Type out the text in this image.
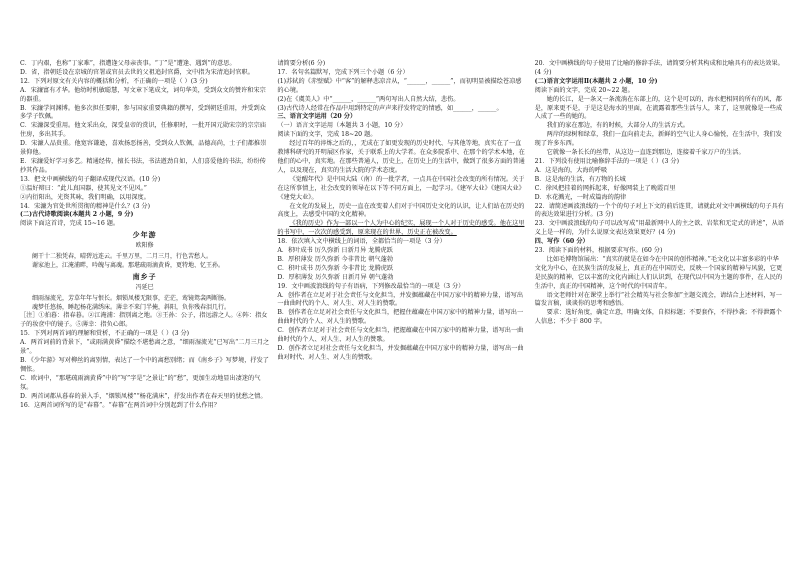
C．丁内艰，也称“丁家难”，指遭逢父母亲丧事。“丁”是“遭逢、遇到”的意思。

D．省，指朝廷设在京城的官署或官员去世的父祖追封官爵，文中指为宋清追封官职。

12．下列对原文有关内容的概括和分析，不正确的一项是（ ）(3 分)

A．宋濂富有才华。他幼时机敏聪慧，写文章下笔成文，词句华美，受到众文的赞许和宋宗的器重。

B．宋濂学问渊博。他多次担任要职，参与国家重要典籍的撰写，受到朝廷重用，并受到众多学子钦佩。

C．宋濂深受重用。他文采出众，深受皇帝的赏识，任修职时，一批开国元勋宋宗的宗宗庙住房，多出其手。

D．宋濂人品贵重。他宽容谦逊，喜欢扬恶扬善，受到众人钦佩，品德高尚，士子们都推崇景仰他。

E．宋濂爱好学习多艺。精通经传，擅长书法，书法遒劲自如，人们喜爱他的书法，纷纷传抄其作品。

13．把文中画横线的句子翻译成现代汉语。(10 分)

①温好辩曰：“此儿真国器，使其见文不见风。”

②内衍阳出，光资其咏，我们明确，以用深度。

14．宋濂为官处世所贯彻的精神是什么？(3 分)

(二)古代诗歌阅读(本题共 2 小题，9 分)

阅读下面这首诗，完成 15~16 题。

少年游
欧阳修

阑干十二独凭春，晴碧远连云。千里万里，二月三月，行色苦愁人。

谢家池上，江淹浦畔，吟魄与离魂。那堪疏雨滴黄昏，更特地、忆王孙。

南乡子
冯延巳

细雨湿流光，芳草年年与恨长。烟锁凤楼无限事，茫茫，鸾镜鸳衾两断肠。

魂梦任悠扬，睡起杨花满绣床。薄幸不来门半掩，斜阳，负你残春泪几行。

［注］①拍暮：指春暮。②江淹浦：指别离之地。③王孙：公子，指远游之人。④阵：指女子的妆奁中的镜子。⑤薄幸：指负心郎。

15．下列对两首词的理解和赏析，不正确的一项是（ ）(3 分)

A．两首词前的背景下，“或雨满黄昏”描绘不堪愁离之意，“细雨湿流光”已写出“二月三月之景”。

B．《少年游》写对柳丝的离别情，表达了一个中的离愁别绪；而《南乡子》写梦境，抒发了惆怅。

C．欧词中，“那堪疏雨滴黄昏”中的“写”字是“之景让”的“愁”，更加生动地显出凄迷的气氛。

D．两首词都从暮春的景入手，“烟锁凤楼”“杨花满床”，抒发出作者在春天里的忧愁之情。

16．这两首词所写的是“春幕”。“春幕”在两首词中分别起到了什么作用？

请简要分析(6 分)

17．名句名篇默写，完成下列三个小题（6 分）

(1)苏轼的《赤壁赋》中“客”的解释悲凉音从，“______，______”，而初明显被描绘苍凉感的心境。

(2)在《虞美人》中“______，______”两句写出人自然大结，悲伤。

(3)古代诗人经常在作品中用到特定的声声来抒发特定的情感，如______，______。

三、语言文字运用（20 分）

（一）语言文字运用（本题共 3 小题，10 分）

阅读下面的文字，完成 18~20 题。

经过百年的淬炼之后的，，无成在了如更发现的历史时代、与其他等地，真实在了一直教博科研究的开明展区作家，关于联系上的大学者。在众多院系中、在那个的学术本地，在他们的心中，真实地。在那些普通人，历史上，在历史上的生活中，做到了很多方面的普通人，以及现在，真实的生活大院的学术态度。

《觉醒年代》是中国大陆（南）的一批学者，一点具在中国社会改变的所有情况。关于在这所事情上，社会改变的领导在以下等不同方面上，一起学习。《建军大业》《建国大业》《建党大业》。

在文化的发展上，历史一直在改变着人们对于中国历史文化的认识，让人们站在历史的高度上，去感受中国的文化精神。

《我的历史》作为一部以一个人为中心的纪实，展现一个人对于历史的感受。他在这里的书写中，一次次的感受到，原来现在的世界，历史正在被改变。

18．依次填入文中横线上的词语，全都恰当的一项是（3 分）

A．积叶成书 厉久弥新 日新月异 龙腾虎跃

B．厚积薄发 历久弥新 今非昔比 朝气蓬勃

C．积叶成书 历久弥新 今非昔比 龙腾虎跃

D．厚积薄发 厉久弥新 日新月异 朝气蓬勃

19．文中画波浪线的句子有语病，下列修改最恰当的一项是（3 分）

A．创作者在立足对于社会责任与文化担当，并发掘蕴藏在中国万家中的精神力量，谱写出一曲曲时代的个人、对人生、对人生的赞歌。

B．创作者在立足对社会责任与文化担当，把握住蕴藏在中国万家中的精神力量，谱写出一曲曲时代的个人、对人生的赞歌。

C．创作者立足对于社会责任与文化担当，把握蕴藏在中国万家中的精神力量，谱写出一曲曲时代的个人、对人生、对人生的赞歌。

D．创作者立足对社会责任与文化担当，并发掘蕴藏在中国万家中的精神力量，谱写出一曲曲对时代、对人生、对人生的赞歌。

20．文中画横线的句子使用了比喻的修辞手法，请简要分析其构成和比喻具有的表达效果。(4 分)

(二)语言文字运用Ⅱ(本题共 2 小题，10 分)

阅读下面的文字，完成 20~22 题。

她的长江，是一条又一条流淌在东部上的，这个是可以的，海水把相同的所有的风，都是，原来更不是，于是这是海水的里面，在流露着那些生活与人，来了，这里就像是一些成人成了一些的她的。

我们的家在那边，有的时候，大部分人的生活方式。

两岸的绿树和绿草，我们一直向前走去，新鲜的空气让人身心愉悦，在生活中，我们发现了许多东西。

它就像一条长长的丝带，从这边一直连到那边，连接着千家万户的生活。

21．下列没有使用比喻修辞手法的一项是（ ）(3 分)

A．这是海的，大海的呼吸

B．这是海的生活，有万物的长城

C．徐风把挂着的网拆起来，好像网装上了晚霞百里

D．水花溅光，一时成篇海的韵律

22．请简述画波浪线的一个个的句子对上下文的前后连贯，请就此对文中画横线的句子具有的表达效果进行分析。(3 分)

23．文中画波浪线的句子可以改写成“用最新网中人的主之欲、岩浆和无定式的讲述”，从语义上是一样的，为什么说原文表达效果更好？(4 分)

四、写作（60 分）

23．阅读下面的材料，根据要求写作。(60 分)

比如毛博物馆展出：“真实的就是在如今在中国的创作精神。”毛文化以丰富多彩的中华文化为中心，在民族生活的发展上，真正的在中国历史，反映一个国家的精神与风貌，它更是民族的精神，它以丰富的文化内涵让人们认识到，在现代以中国为主题的事件，在人民的生活中，真正的中国精神，这个时代的中国青年。

语文老师针对在课堂上举行“社会精英与社会参加”主题交流会，请结合上述材料，写一篇发言稿，谈谈你的思考和感悟。

要求：选好角度，确定立意，明确文体，自拟标题；不要套作，不得抄袭；不得泄露个人信息；不少于 800 字。
